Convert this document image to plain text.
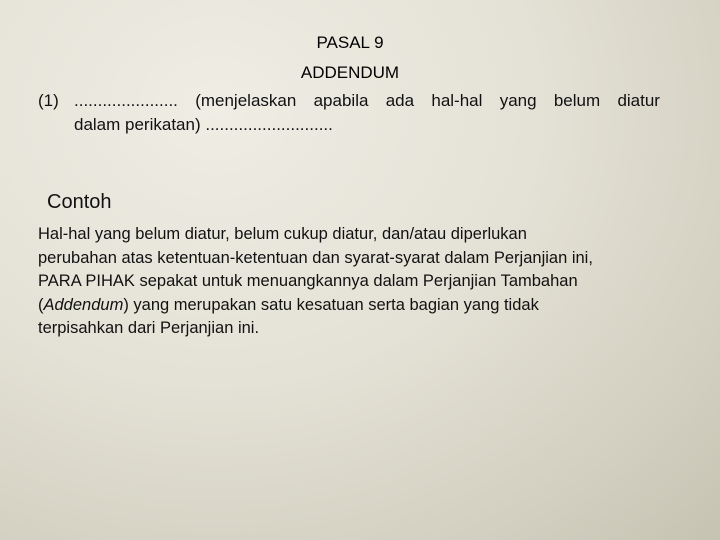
PASAL 9
ADDENDUM
(1) ...................... (menjelaskan apabila ada hal-hal yang belum diatur
dalam perikatan) ...........................
Contoh
Hal-hal yang belum diatur, belum cukup diatur, dan/atau diperlukan
perubahan atas ketentuan-ketentuan dan syarat-syarat dalam Perjanjian ini,
PARA PIHAK sepakat untuk menuangkannya dalam Perjanjian Tambahan
(Addendum) yang merupakan satu kesatuan serta bagian yang tidak
terpisahkan dari Perjanjian ini.
